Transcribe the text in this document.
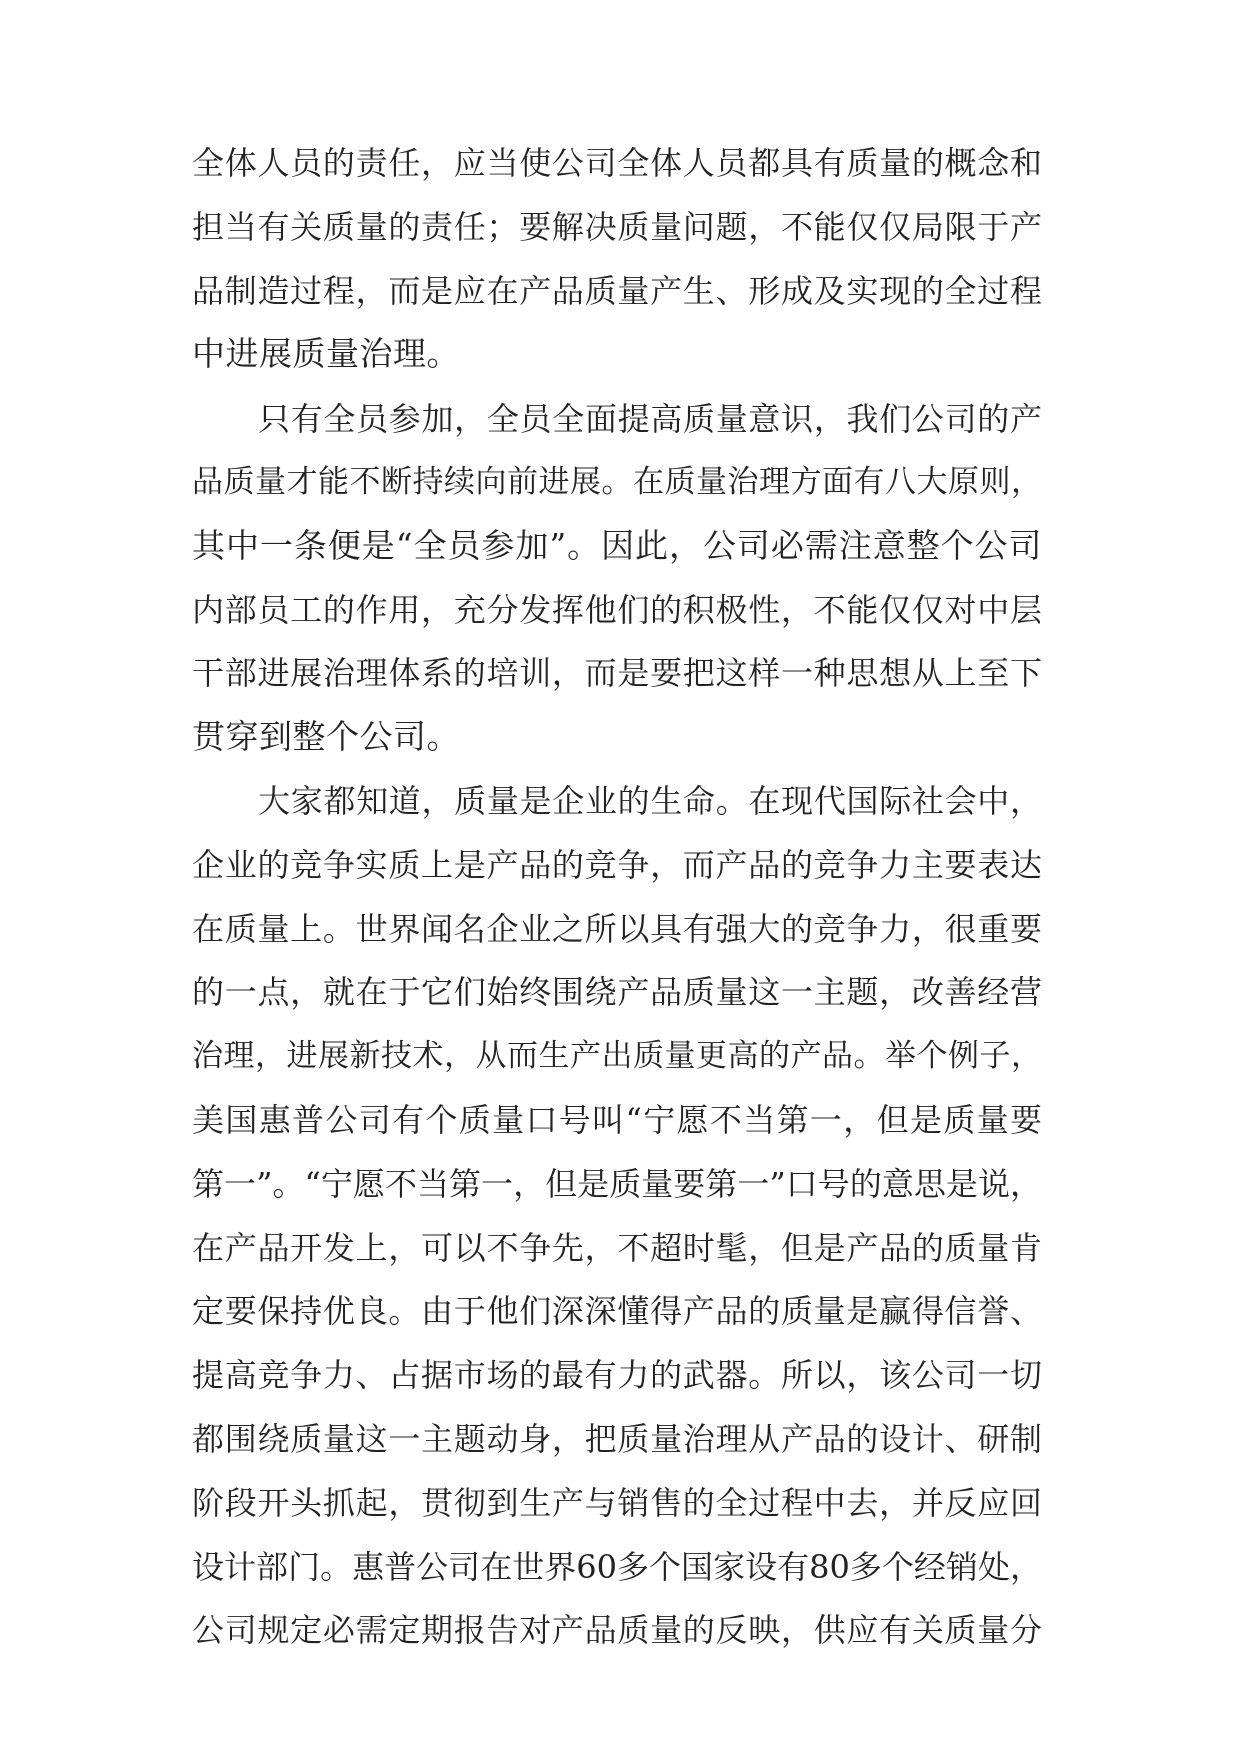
全体人员的责任，应当使公司全体人员都具有质量的概念和
担当有关质量的责任；要解决质量问题，不能仅仅局限于产
品制造过程，而是应在产品质量产生、形成及实现的全过程
中进展质量治理。
只有全员参加，全员全面提高质量意识，我们公司的产
品质量才能不断持续向前进展。在质量治理方面有八大原则，
其中一条便是“全员参加”。因此，公司必需注意整个公司
内部员工的作用，充分发挥他们的积极性，不能仅仅对中层
干部进展治理体系的培训，而是要把这样一种思想从上至下
贯穿到整个公司。
大家都知道，质量是企业的生命。在现代国际社会中，
企业的竞争实质上是产品的竞争，而产品的竞争力主要表达
在质量上。世界闻名企业之所以具有强大的竞争力，很重要
的一点，就在于它们始终围绕产品质量这一主题，改善经营
治理，进展新技术，从而生产出质量更高的产品。举个例子，
美国惠普公司有个质量口号叫“宁愿不当第一，但是质量要
第一”。“宁愿不当第一，但是质量要第一”口号的意思是说，
在产品开发上，可以不争先，不超时髦，但是产品的质量肯
定要保持优良。由于他们深深懂得产品的质量是赢得信誉、
提高竞争力、占据市场的最有力的武器。所以，该公司一切
都围绕质量这一主题动身，把质量治理从产品的设计、研制
阶段开头抓起，贯彻到生产与销售的全过程中去，并反应回
设计部门。惠普公司在世界60多个国家设有80多个经销处，
公司规定必需定期报告对产品质量的反映，供应有关质量分
